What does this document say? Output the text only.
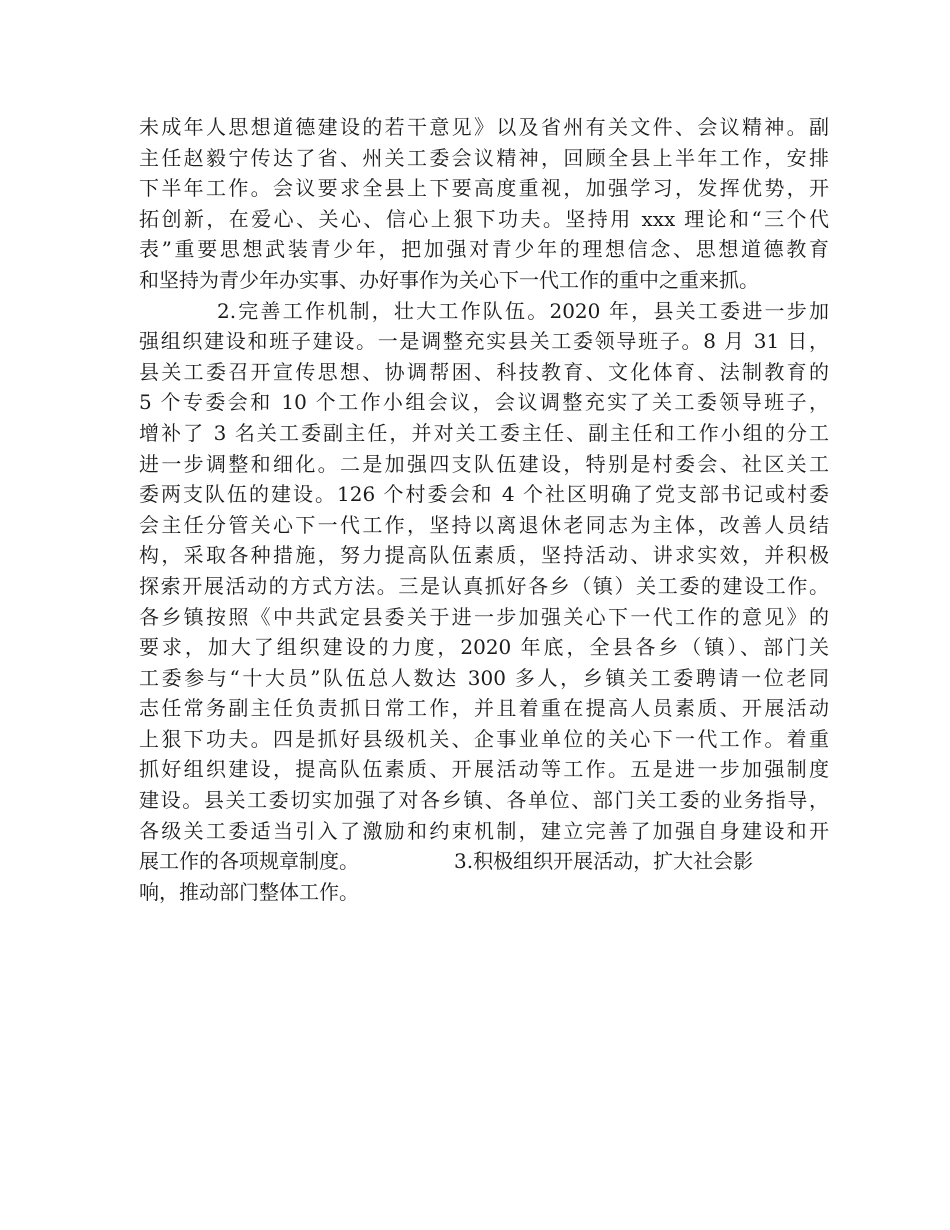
未成年人思想道德建设的若干意见》以及省州有关文件、会议精神。副
主任赵毅宁传达了省、州关工委会议精神，回顾全县上半年工作，安排
下半年工作。会议要求全县上下要高度重视，加强学习，发挥优势，开
拓创新，在爱心、关心、信心上狠下功夫。坚持用 xxx 理论和“三个代
表”重要思想武装青少年，把加强对青少年的理想信念、思想道德教育
和坚持为青少年办实事、办好事作为关心下一代工作的重中之重来抓。
2.完善工作机制，壮大工作队伍。2020 年，县关工委进一步加
强组织建设和班子建设。一是调整充实县关工委领导班子。8 月 31 日，
县关工委召开宣传思想、协调帮困、科技教育、文化体育、法制教育的
5 个专委会和 10 个工作小组会议，会议调整充实了关工委领导班子，
增补了 3 名关工委副主任，并对关工委主任、副主任和工作小组的分工
进一步调整和细化。二是加强四支队伍建设，特别是村委会、社区关工
委两支队伍的建设。126 个村委会和 4 个社区明确了党支部书记或村委
会主任分管关心下一代工作，坚持以离退休老同志为主体，改善人员结
构，采取各种措施，努力提高队伍素质，坚持活动、讲求实效，并积极
探索开展活动的方式方法。三是认真抓好各乡（镇）关工委的建设工作。
各乡镇按照《中共武定县委关于进一步加强关心下一代工作的意见》的
要求，加大了组织建设的力度，2020 年底，全县各乡（镇）、部门关
工委参与“十大员”队伍总人数达 300 多人，乡镇关工委聘请一位老同
志任常务副主任负责抓日常工作，并且着重在提高人员素质、开展活动
上狠下功夫。四是抓好县级机关、企事业单位的关心下一代工作。着重
抓好组织建设，提高队伍素质、开展活动等工作。五是进一步加强制度
建设。县关工委切实加强了对各乡镇、各单位、部门关工委的业务指导，
各级关工委适当引入了激励和约束机制，建立完善了加强自身建设和开
展工作的各项规章制度。	3.积极组织开展活动，扩大社会影
响，推动部门整体工作。
